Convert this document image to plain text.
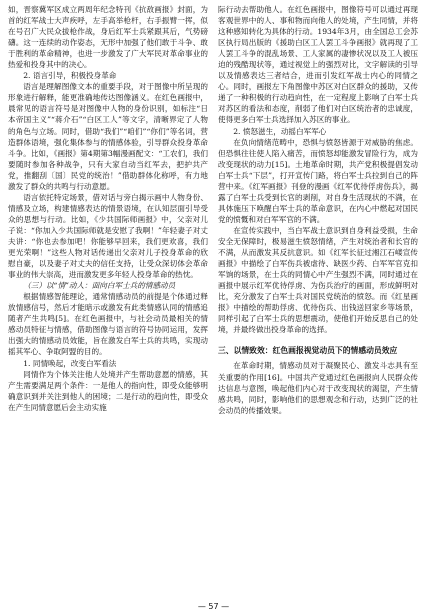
如，晋察冀军区成立两周年纪念特刊《抗敌画报》封面，为首的红军战士大声疾呼，左手高举枪杆，右手振臂一挥，似在号召广大民众拔枪作战，身后红军士兵紧跟其后，气势磅礴。这一连续的动作姿态，无形中加强了他们敢于斗争、敢于胜利的革命精神，也进一步激发了广大军民对革命事业的热爱和投身其中的决心。

2. 语言引导，积极投身革命

语言是理解图像文本的重要手段，对于图像中所呈现的形象进行解释，能更准确地传达图像涵义。在红色画报中，晨常见的语言符号是对图像中人物的身份识别，如标注“日本帝国主义”“蒋介石”“白区工人”等文字，清晰界定了人物的角色与立场。同时，借助“我们”“咱们”“你们”等名词，营造群体语境，强化集体参与的情感体验，引导群众投身革命斗争。比如，《画报》第4期第3幅漫画配文：“工农们，我们要随时参加各种战争，只有大家自动当红军去，把护共产党，推翻刮〔国〕民党的统治！”借助群体化称呼，有力地激发了群众的共鸣与行动意愿。

语言依托特定场景，借对话与旁白揭示画中人物身份、情感及立场，构建情感表达的情景语境，在认知层面引导受众的思想与行动。比如，《少共国际师画报》中，父亲对儿子说：“你加入少共国际师就是安慰了我啊！”年轻妻子对丈夫讲：“你也去参加吧！你能够早回来，我们更欢喜，我们更光荣啊！”这些人物对话传递出父亲对儿子投身革命的欣慰自豪，以及妻子对丈夫的信任支持，让受众深切体会革命事业的伟大崇高，进而激发更多年轻人投身革命的热忱。

（三）以“情”动人：面向白军士兵的情感动员

根据情感智能理论，通常情感动员的前提是个体通过释放情感信号，然后才能暗示或激发有此类情感认同的情感追随者产生共鸣[5]。在红色画报中，与社会动员最相关的情感动员特征与情感，借助图像与语言的符号协同运用，发挥出强大的情感动员效能，旨在激发白军士兵的共鸣，实现动摇其军心、争取阿盟的目的。

1. 同情唤起，改变白军看法

同情作为个体关注他人处境并产生帮助意愿的情感，其产生需要满足两个条件：一是他人的指向性，即受众能够明确意识到并关注到他人的困境；二是行动的趋向性，即受众在产生同情意愿后会主动实施

际行动去帮助他人。在红色画报中，图像符号可以通过再现客观世界中的人、事和物而向他人的处境，产生同情，并将这种感知转化为具体的行动。1934年3月，由全国总工会苏区执行局出版的《援助白区工人罢工斗争画报》就再现了工人罢工斗争的混乱场景、工人家属的凄惨状况以及工人被压迫的残酷现状等，通过视觉上的强烈对比，文字解读的引导以及情感表达三者结合，进而引发红军战士内心的同情之心。同时，画报左下角图像中苏区对白区群众的援助，又传递了一种积极的行动趋向性，在一定程度上影响了白军士兵对苏区的看法和态度，削弱了他们对白区统治者的忠诚度，使得更多白军士兵选择加入苏区的事业。

2. 愤怒滋生，动摇白军军心

在负向情绪范畴中，恐惧与愤怒皆源于对威胁的焦虑。但恐惧往往使人陷入痛苦，而愤怒却能激发冒险行为，成为改变现状的动力[15]。土地革命时期，共产党积极提倡发动白军士兵“下层”，打开宣传门路，将白军士兵拉到自己的阵营中来。《红军画报》刊登的漫画《红军优待俘虏伤兵》，揭露了白军士兵受到长官的剥削，对自身生活现状的不满，在具体施压下唤醒白军士兵的革命意识，在内心中燃起对国民党的愤慨和对白军军官的不满。

在宣传实践中，当白军战士意识到自身利益受损，生命安全无保障时，极易滋生愤怒情绪，产生对统治者和长官的不满，从而激发其反抗意识。如《红军长征过湘江石嵝宣传画报》中描绘了白军伤兵被虐待、缺医少药、白军军官克扣军饷的场景，在士兵的同情心中产生强烈不满，同时通过在画报中展示红军优待俘虏、为伤兵治疗的画面，形成鲜明对比，充分激发了白军士兵对国民党统治的愤怒。而《红星画报》中描绘的帮助俘虏、优待伤兵、出钱送回家乡等场景，同样引起了白军士兵的思想震动，使他们开始反思自己的处境，并最终做出投身革命的选择。

三、以情致效：红色画报视觉动员下的情感动员效应

在革命时期，情感动员对于凝聚民心、激发斗志具有至关重要的作用[16]。中国共产党通过红色画报向人民群众传达信息与意图，唤起他们内心对于改变现状的渴望，产生情感共鸣，同时，影响他们的思想观念和行动，达到广泛的社会动员的传播效果。

— 57 —
